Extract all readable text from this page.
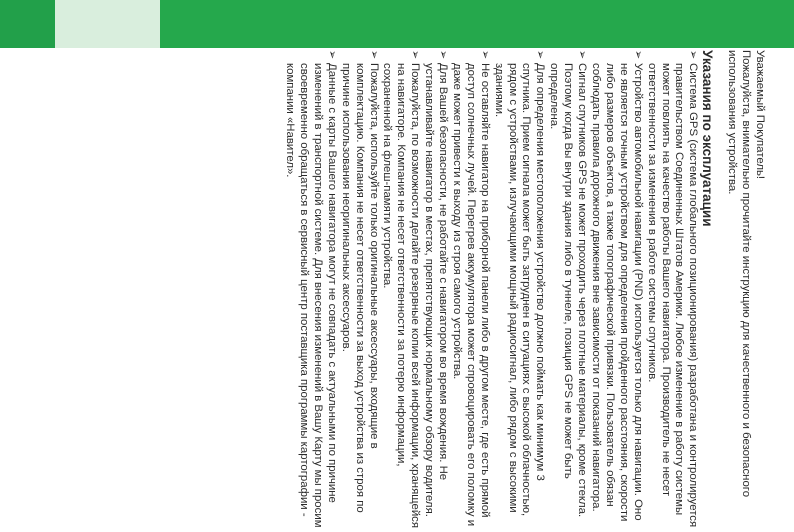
Уважаемый Покупатель!

Пожалуйста, внимательно прочитайте инструкцию для качественного и безопасного использования устройства.

Указания по эксплуатации

➢
Система GPS (система глобального позиционирования) разработана и контролируется правительством Соединенных Штатов Америки. Любое изменение в работу системы может повлиять на качество работы Вашего навигатора. Производитель не несет ответственности за изменения в работе системы спутников.
➢
Устройство автомобильной навигации (PND) используется только для навигации. Оно не является точным устройством для определения пройденного расстояния, скорости либо размеров объектов, а также топографической привязки. Пользователь обязан соблюдать правила дорожного движения вне зависимости от показаний навигатора.
➢
Сигнал спутников GPS не может проходить через плотные материалы, кроме стекла. Поэтому когда Вы внутри здания либо в туннеле, позиция GPS не может быть определена.
➢
Для определения местоположения устройство должно поймать как минимум 3 спутника. Прием сигнала может быть затруднен в ситуациях с высокой облачностью, рядом с устройствами, излучающими мощный радиосигнал, либо рядом с высокими зданиями.
➢
Не оставляйте навигатор на приборной панели либо в другом месте, где есть прямой доступ солнечных лучей. Перегрев аккумулятора может спровоцировать его поломку и даже может привести к выходу из строя самого устройства.
➢
Для Вашей безопасности, не работайте с навигатором во время вождения. Не устанавливайте навигатор в местах, препятствующих нормальному обзору водителя.
➢
Пожалуйста, по возможности делайте резервные копии всей информации, хранящейся на навигаторе. Компания не несет ответственности за потерю информации, сохраненной на флеш-памяти устройства.
➢
Пожалуйста, используйте только оригинальные аксессуары, входящие в комплектацию. Компания не несет ответственности за выход устройства из строя по причине использования неоригинальных аксессуаров.
➢
Данные с карты Вашего навигатора могут не совпадать с актуальными по причине изменений в транспортной системе. Для внесения изменений в Вашу Карту мы просим своевременно обращаться в сервисный центр поставщика программы картографии - компании «Навител».
